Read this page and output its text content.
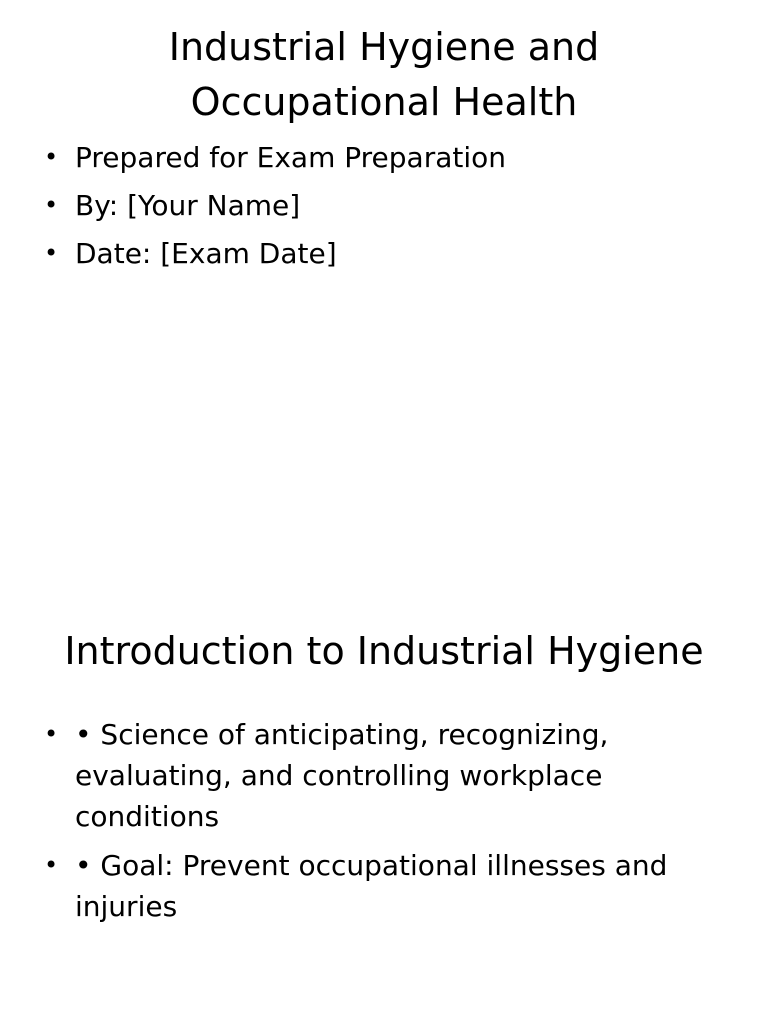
Industrial Hygiene and
Occupational Health
• Prepared for Exam Preparation
• By: [Your Name]
• Date: [Exam Date]
Introduction to Industrial Hygiene
• • Science of anticipating, recognizing, evaluating, and controlling workplace conditions
• • Goal: Prevent occupational illnesses and injuries
